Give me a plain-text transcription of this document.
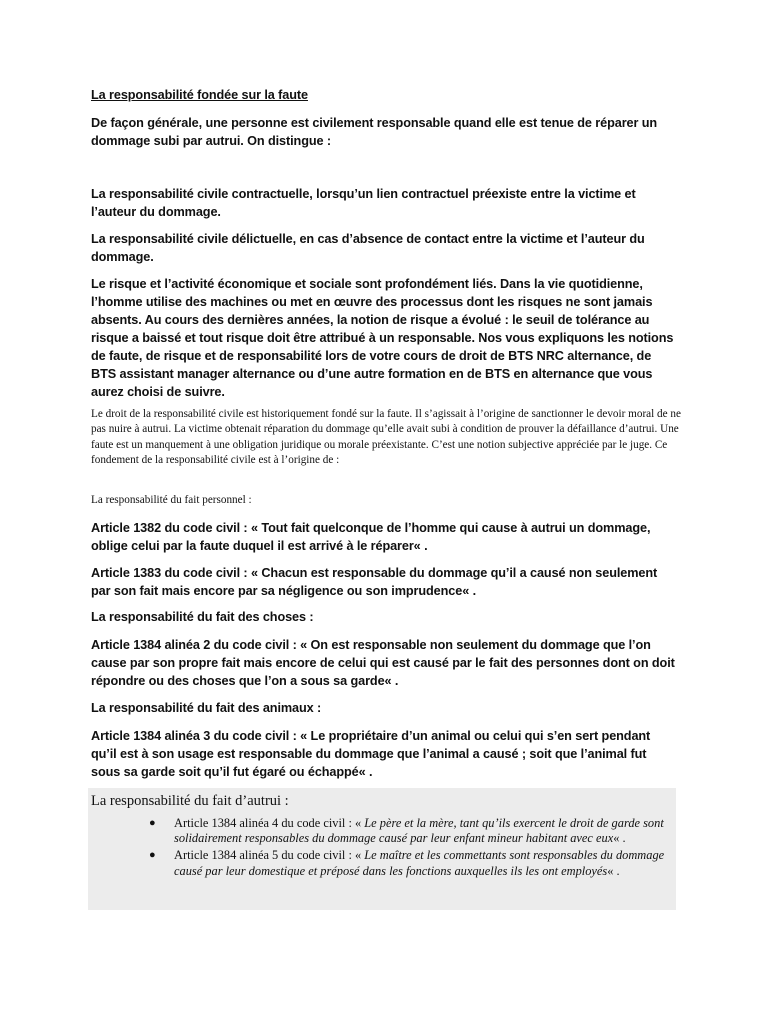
La responsabilité fondée sur la faute

De façon générale, une personne est civilement responsable quand elle est tenue de réparer un dommage subi par autrui. On distingue :

La responsabilité civile contractuelle, lorsqu’un lien contractuel préexiste entre la victime et l’auteur du dommage.

La responsabilité civile délictuelle, en cas d’absence de contact entre la victime et l’auteur du dommage.

Le risque et l’activité économique et sociale sont profondément liés. Dans la vie quotidienne, l’homme utilise des machines ou met en œuvre des processus dont les risques ne sont jamais absents. Au cours des dernières années, la notion de risque a évolué : le seuil de tolérance au risque a baissé et tout risque doit être attribué à un responsable. Nos vous expliquons les notions de faute, de risque et de responsabilité lors de votre cours de droit de BTS NRC alternance, de BTS assistant manager alternance ou d’une autre formation en de BTS en alternance que vous aurez choisi de suivre.

Le droit de la responsabilité civile est historiquement fondé sur la faute. Il s’agissait à l’origine de sanctionner le devoir moral de ne pas nuire à autrui. La victime obtenait réparation du dommage qu’elle avait subi à condition de prouver la défaillance d’autrui. Une faute est un manquement à une obligation juridique ou morale préexistante. C’est une notion subjective appréciée par le juge. Ce fondement de la responsabilité civile est à l’origine de :

La responsabilité du fait personnel :

Article 1382 du code civil : « Tout fait quelconque de l’homme qui cause à autrui un dommage, oblige celui par la faute duquel il est arrivé à le réparer« .

Article 1383 du code civil : « Chacun est responsable du dommage qu’il a causé non seulement par son fait mais encore par sa négligence ou son imprudence« .

La responsabilité du fait des choses :

Article 1384 alinéa 2 du code civil : « On est responsable non seulement du dommage que l’on cause par son propre fait mais encore de celui qui est causé par le fait des personnes dont on doit répondre ou des choses que l’on a sous sa garde« .

La responsabilité du fait des animaux :

Article 1384 alinéa 3 du code civil : « Le propriétaire d’un animal ou celui qui s’en sert pendant qu’il est à son usage est responsable du dommage que l’animal a causé ; soit que l’animal fut sous sa garde soit qu’il fut égaré ou échappé« .

La responsabilité du fait d’autrui :

● Article 1384 alinéa 4 du code civil : « Le père et la mère, tant qu’ils exercent le droit de garde sont solidairement responsables du dommage causé par leur enfant mineur habitant avec eux« .
● Article 1384 alinéa 5 du code civil : « Le maître et les commettants sont responsables du dommage causé par leur domestique et préposé dans les fonctions auxquelles ils les ont employés« .
